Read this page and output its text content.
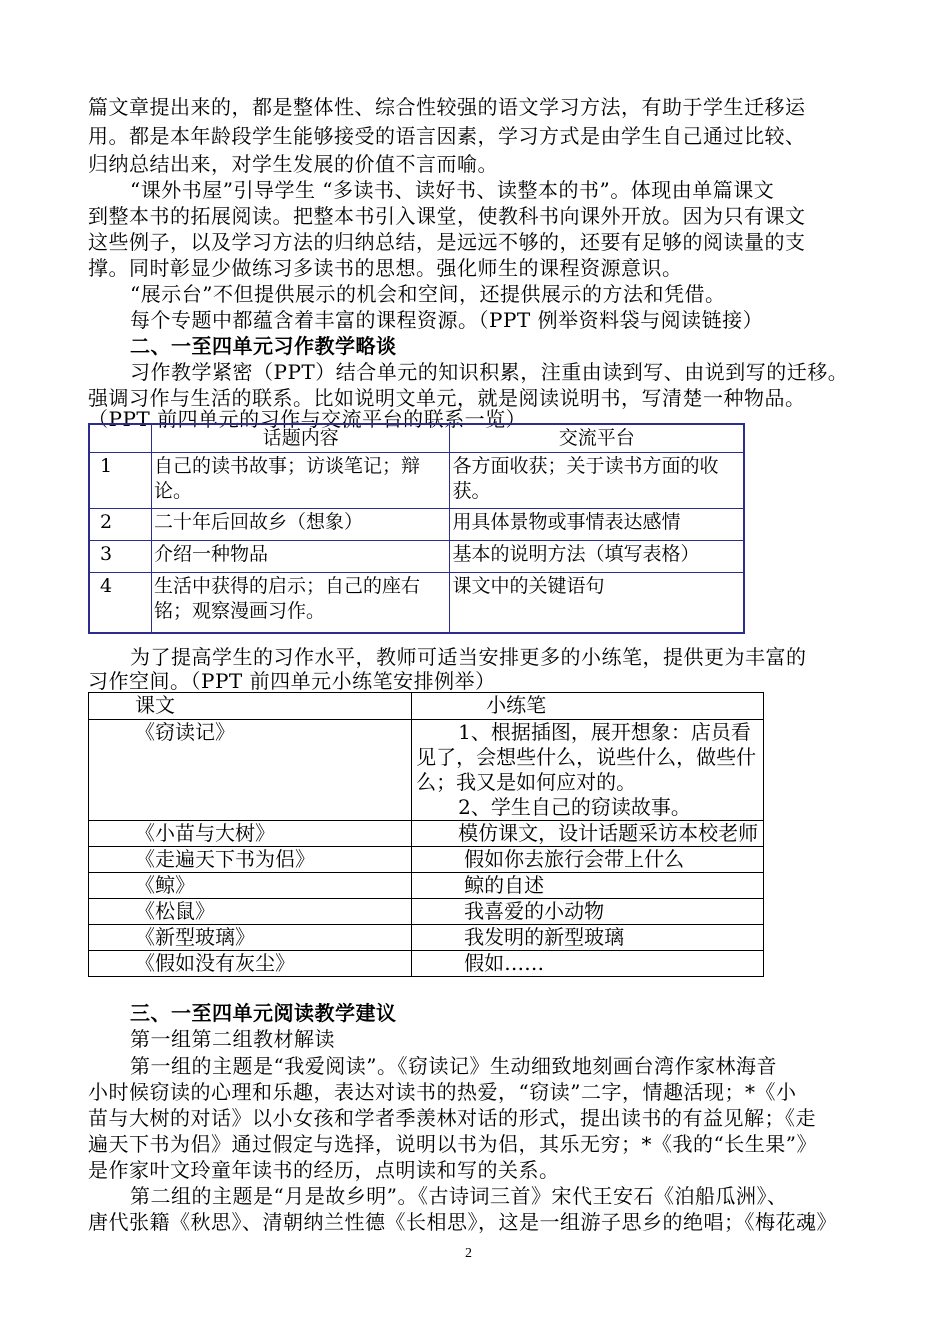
篇文章提出来的，都是整体性、综合性较强的语文学习方法，有助于学生迁移运
用。都是本年龄段学生能够接受的语言因素，学习方式是由学生自己通过比较、
归纳总结出来，对学生发展的价值不言而喻。
“课外书屋”引导学生 “多读书、读好书、读整本的书”。体现由单篇课文
到整本书的拓展阅读。把整本书引入课堂，使教科书向课外开放。因为只有课文
这些例子，以及学习方法的归纳总结，是远远不够的，还要有足够的阅读量的支
撑。同时彰显少做练习多读书的思想。强化师生的课程资源意识。
“展示台”不但提供展示的机会和空间，还提供展示的方法和凭借。
每个专题中都蕴含着丰富的课程资源。（PPT 例举资料袋与阅读链接）
二、一至四单元习作教学略谈
习作教学紧密（PPT）结合单元的知识积累，注重由读到写、由说到写的迁移。
强调习作与生活的联系。比如说明文单元，就是阅读说明书，写清楚一种物品。
（PPT 前四单元的习作与交流平台的联系一览）
	话题内容	交流平台
1	自己的读书故事；访谈笔记；辩论。	各方面收获；关于读书方面的收获。
2	二十年后回故乡（想象）	用具体景物或事情表达感情
3	介绍一种物品	基本的说明方法（填写表格）
4	生活中获得的启示；自己的座右铭；观察漫画习作。	课文中的关键语句
为了提高学生的习作水平，教师可适当安排更多的小练笔，提供更为丰富的
习作空间。（PPT 前四单元小练笔安排例举）
课文	小练笔
《窃读记》	1、根据插图，展开想象：店员看见了，会想些什么，说些什么，做些什么；我又是如何应对的。
2、学生自己的窃读故事。

《小苗与大树》	模仿课文，设计话题采访本校老师
《走遍天下书为侣》	假如你去旅行会带上什么
《鲸》	鲸的自述
《松鼠》	我喜爱的小动物
《新型玻璃》	我发明的新型玻璃
《假如没有灰尘》	假如……
三、一至四单元阅读教学建议
第一组第二组教材解读
第一组的主题是“我爱阅读”。《窃读记》生动细致地刻画台湾作家林海音
小时候窃读的心理和乐趣，表达对读书的热爱，“窃读”二字，情趣活现；*《小
苗与大树的对话》以小女孩和学者季羡林对话的形式，提出读书的有益见解；《走
遍天下书为侣》通过假定与选择，说明以书为侣，其乐无穷；*《我的“长生果”》
是作家叶文玲童年读书的经历，点明读和写的关系。
第二组的主题是“月是故乡明”。《古诗词三首》宋代王安石《泊船瓜洲》、
唐代张籍《秋思》、清朝纳兰性德《长相思》，这是一组游子思乡的绝唱；《梅花魂》
2
